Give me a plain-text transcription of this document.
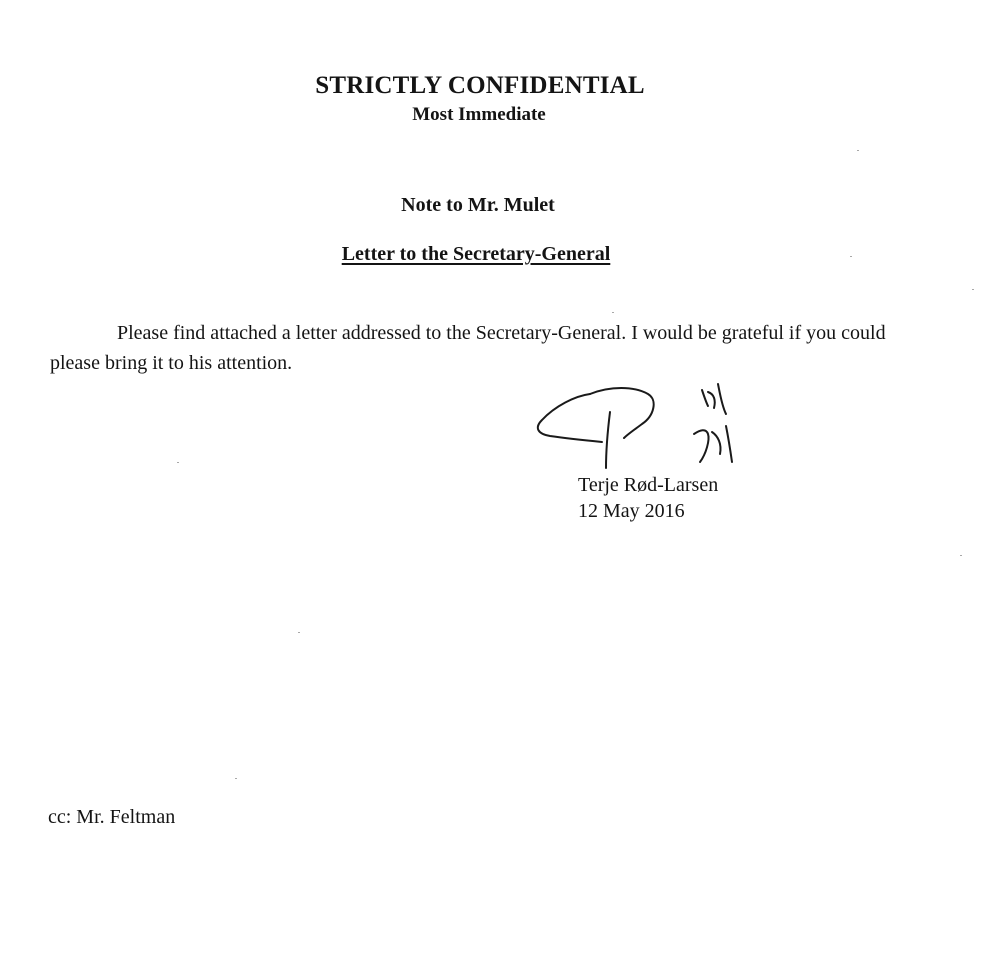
STRICTLY CONFIDENTIAL
Most Immediate
Note to Mr. Mulet
Letter to the Secretary-General
Please find attached a letter addressed to the Secretary-General. I would be grateful if you could please bring it to his attention.
Terje Rød-Larsen
12 May 2016
cc: Mr. Feltman
